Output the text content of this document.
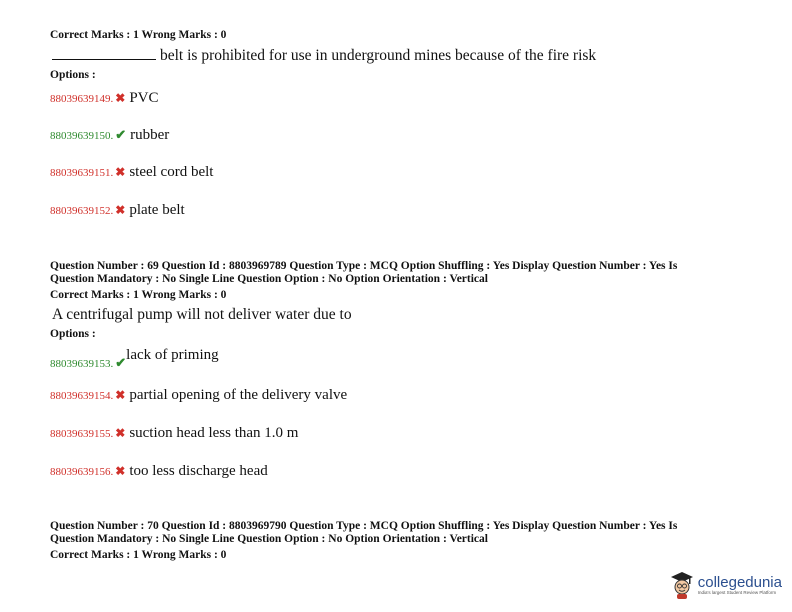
Correct Marks : 1 Wrong Marks : 0
belt is prohibited for use in underground mines because of the fire risk
Options :
88039639149. ✖ PVC
88039639150. ✔ rubber
88039639151. ✖ steel cord belt
88039639152. ✖ plate belt
Question Number : 69 Question Id : 8803969789 Question Type : MCQ Option Shuffling : Yes Display Question Number : Yes Is
Question Mandatory : No Single Line Question Option : No Option Orientation : Vertical
Correct Marks : 1 Wrong Marks : 0
A centrifugal pump will not deliver water due to
Options :
$_{88039639153.}$ ✔lack of priming
88039639154. ✖ partial opening of the delivery valve
88039639155. ✖ suction head less than 1.0 m
88039639156. ✖ too less discharge head
Question Number : 70 Question Id : 8803969790 Question Type : MCQ Option Shuffling : Yes Display Question Number : Yes Is
Question Mandatory : No Single Line Question Option : No Option Orientation : Vertical
Correct Marks : 1 Wrong Marks : 0
collegedunia
India's largest Student Review Platform
